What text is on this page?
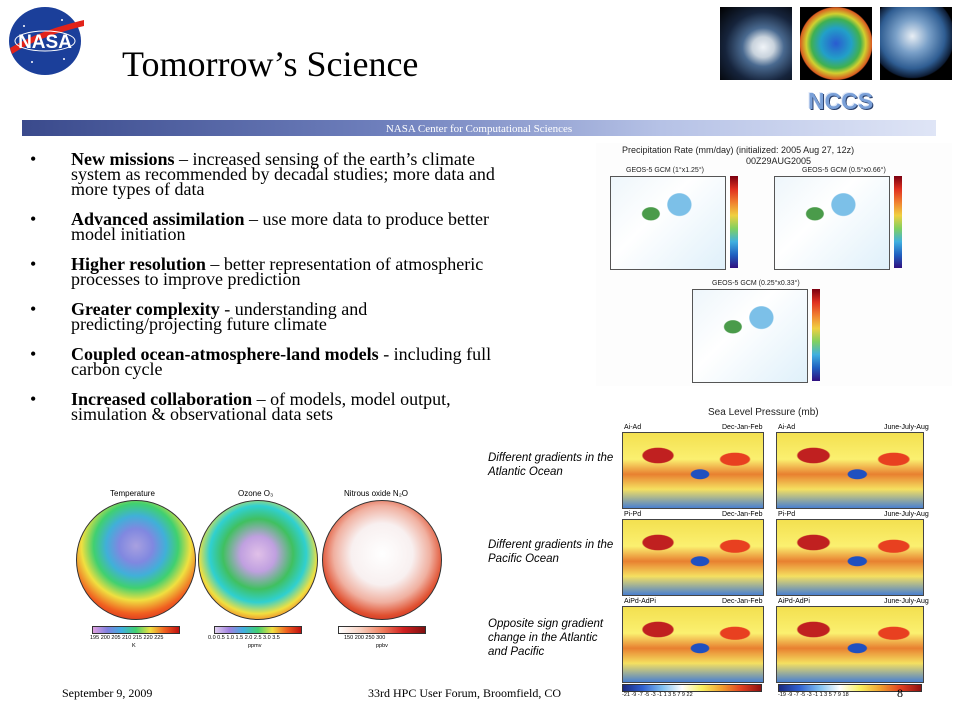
NASA
Tomorrow’s Science
NCCS
NASA Center for Computational Sciences
• New missions – increased sensing of the earth’s climate system as recommended by decadal studies; more data and more types of data
• Advanced assimilation – use more data to produce better model initiation
• Higher resolution – better representation of atmospheric processes to improve prediction
• Greater complexity - understanding and predicting/projecting future climate
• Coupled ocean-atmosphere-land models - including full carbon cycle
• Increased collaboration – of models, model output, simulation & observational data sets
Precipitation Rate (mm/day) (initialized: 2005 Aug 27, 12z)
00Z29AUG2005
GEOS-5 GCM (1°x1.25°)	GEOS-5 GCM (0.5°x0.66°)
GEOS-5 GCM (0.25°x0.33°)
Sea Level Pressure (mb)
Different gradients in the Atlantic Ocean
Different gradients in the Pacific Ocean
Opposite sign gradient change in the Atlantic and Pacific
Ai-Ad	Dec-Jan-Feb Ai-Ad	June-July-Aug
Pi-Pd	Dec-Jan-Feb Pi-Pd	June-July-Aug
AiPd-AdPi	Dec-Jan-Feb AiPd-AdPi	June-July-Aug
-21 -9 -7 -5 -3 -1 1 3 5 7 9 22	-19 -9 -7 -5 -3 -1 1 3 5 7 9 18
Temperature
195 200 205 210 215 220 225
K
Ozone O₃
0.0 0.5 1.0 1.5 2.0 2.5 3.0 3.5
ppmv
Nitrous oxide N₂O
150 200 250 300
ppbv
September 9, 2009	33rd HPC User Forum, Broomfield, CO	8
